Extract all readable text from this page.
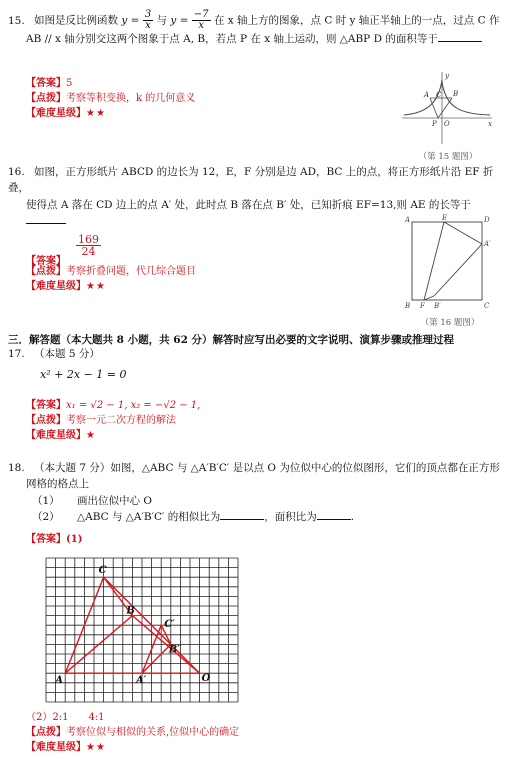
15. 如图是反比例函数 $y = \frac{3}{x}$ 与 $y = \frac{-7}{x}$ 在 x 轴上方的图象，点 C 时 y 轴正半轴上的一点，过点 C 作
AB // x 轴分别交这两个图象于点 A, B，若点 P 在 x 轴上运动，则 △ABP D 的面积等于
【答案】5
【点拨】考察等积变换，k 的几何意义
【难度星级】★★
y
x
A	B
C
P O
（第 15 题图）
16. 如图，正方形纸片 ABCD 的边长为 12，E，F 分别是边 AD，BC 上的点，将正方形纸片沿 EF 折叠，
使得点 A 落在 CD 边上的点 A′ 处，此时点 B 落在点 B′ 处，已知折痕 EF=13,则 AE 的长等于
【答案】
$\frac{169}{24}$
【点拨】考察折叠问题，代几综合题目
【难度星级】★★
A	E	D
A′
B F B′	C
（第 16 题图）
三．解答题（本大题共 8 小题，共 62 分）解答时应写出必要的文字说明、演算步骤或推理过程
17. （本题 5 分）
x² + 2x − 1 = 0
【答案】x₁ = √2 − 1, x₂ = −√2 − 1,
【点拨】考察一元二次方程的解法
【难度星级】★
18. （本大题 7 分）如图，△ABC 与 △A′B′C′ 是以点 O 为位似中心的位似图形，它们的顶点都在正方形
网格的格点上
（1） 画出位似中心 O
（2） △ABC 与 △A′B′C′ 的相似比为	，面积比为	.
【答案】(1)
C
B
C′
B′
A	A′	O
（2）2:1　　4:1
【点拨】考察位似与相似的关系,位似中心的确定
【难度星级】★★
